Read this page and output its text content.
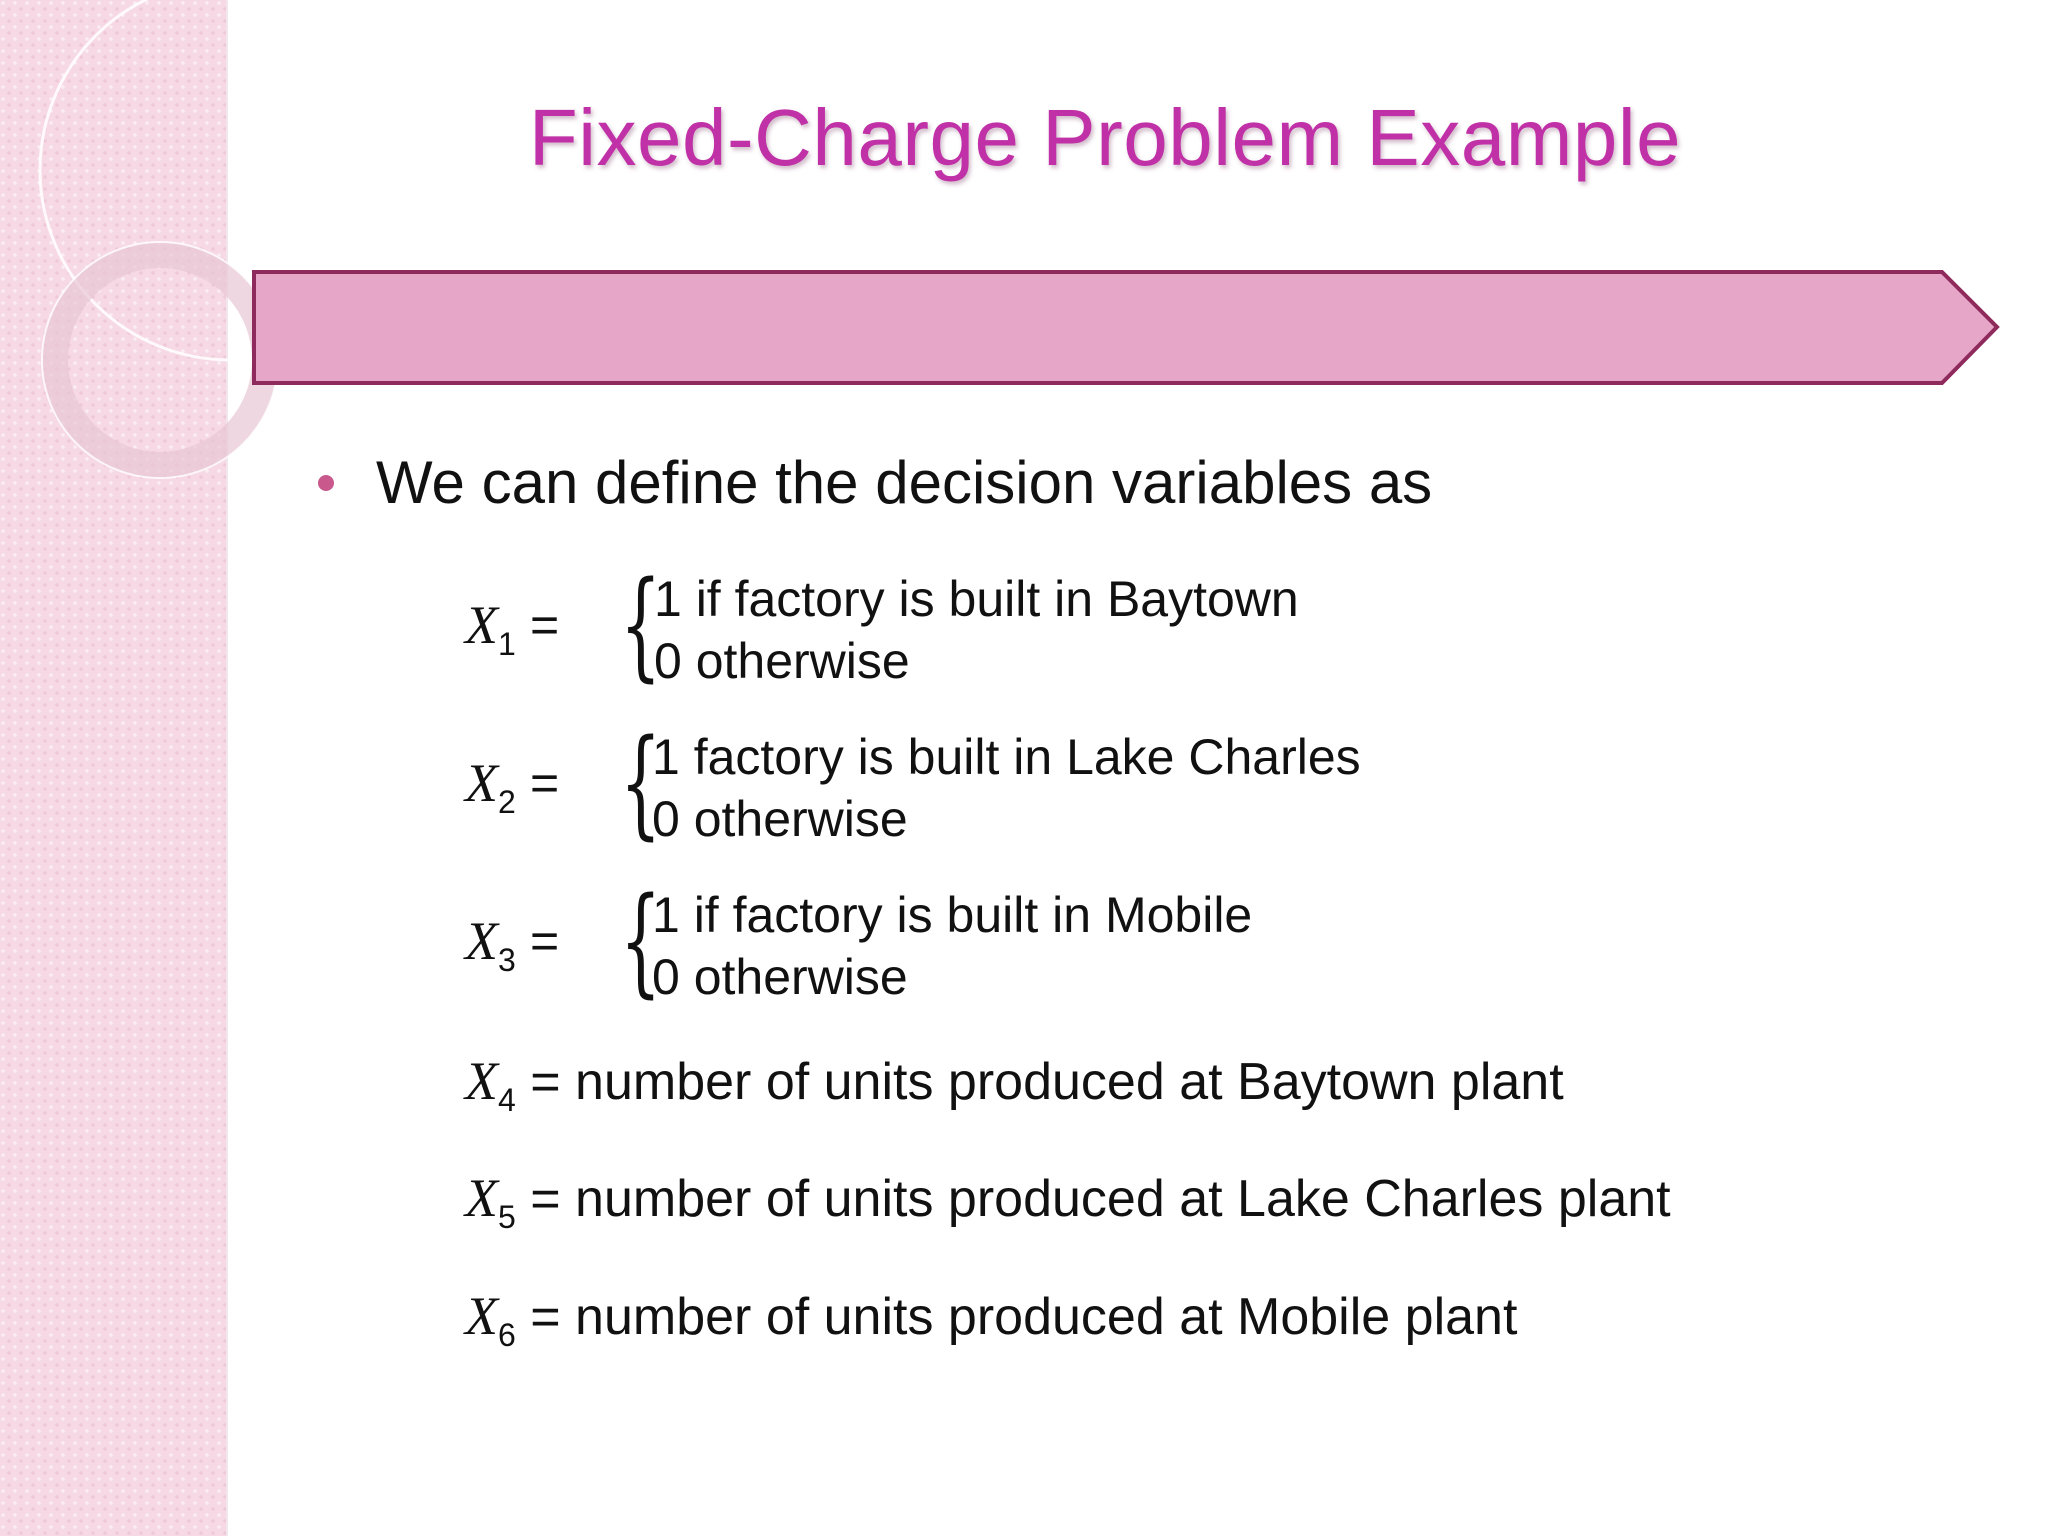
Fixed-Charge Problem Example
We can define the decision variables as
$X_1$ = {
1 if factory is built in Baytown
0 otherwise
$X_2$ = {
1 factory is built in Lake Charles
0 otherwise
$X_3$ = {
1 if factory is built in Mobile
0 otherwise
$X_4$ = number of units produced at Baytown plant
$X_5$ = number of units produced at Lake Charles plant
$X_6$ = number of units produced at Mobile plant
